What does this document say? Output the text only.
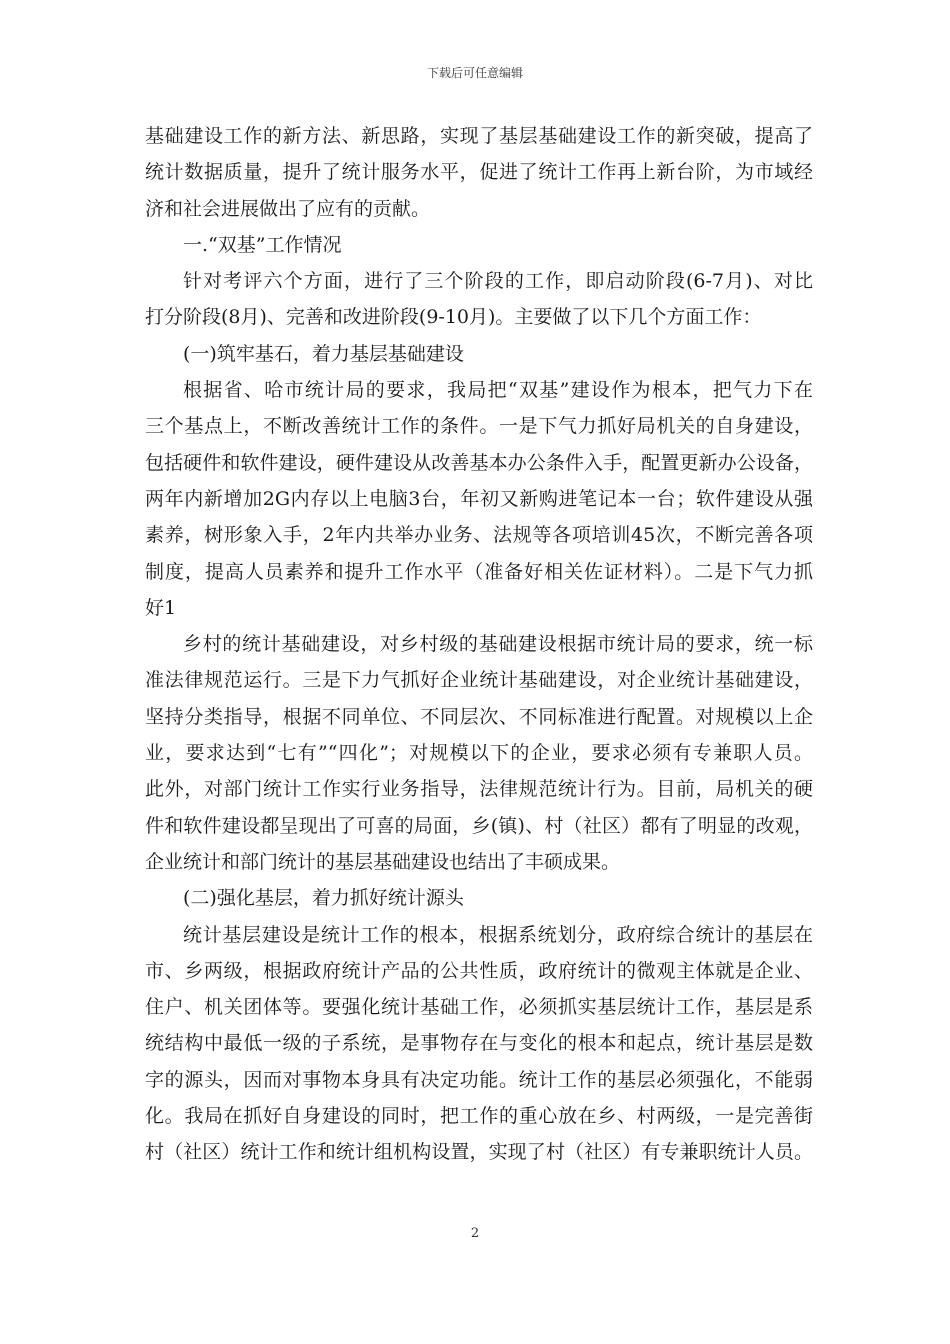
下载后可任意编辑
基础建设工作的新方法、新思路，实现了基层基础建设工作的新突破，提高了
统计数据质量，提升了统计服务水平，促进了统计工作再上新台阶，为市域经
济和社会进展做出了应有的贡献。
一.“双基”工作情况
针对考评六个方面，进行了三个阶段的工作，即启动阶段(6-7月)、对比
打分阶段(8月)、完善和改进阶段(9-10月)。主要做了以下几个方面工作：
(一)筑牢基石，着力基层基础建设
根据省、哈市统计局的要求，我局把“双基”建设作为根本，把气力下在
三个基点上，不断改善统计工作的条件。一是下气力抓好局机关的自身建设，
包括硬件和软件建设，硬件建设从改善基本办公条件入手，配置更新办公设备，
两年内新增加2G内存以上电脑3台，年初又新购进笔记本一台；软件建设从强
素养，树形象入手，2年内共举办业务、法规等各项培训45次，不断完善各项
制度，提高人员素养和提升工作水平（准备好相关佐证材料）。二是下气力抓
好1
乡村的统计基础建设，对乡村级的基础建设根据市统计局的要求，统一标
准法律规范运行。三是下力气抓好企业统计基础建设，对企业统计基础建设，
坚持分类指导，根据不同单位、不同层次、不同标准进行配置。对规模以上企
业，要求达到“七有”“四化”；对规模以下的企业，要求必须有专兼职人员。
此外，对部门统计工作实行业务指导，法律规范统计行为。目前，局机关的硬
件和软件建设都呈现出了可喜的局面，乡(镇)、村（社区）都有了明显的改观，
企业统计和部门统计的基层基础建设也结出了丰硕成果。
(二)强化基层，着力抓好统计源头
统计基层建设是统计工作的根本，根据系统划分，政府综合统计的基层在
市、乡两级，根据政府统计产品的公共性质，政府统计的微观主体就是企业、
住户、机关团体等。要强化统计基础工作，必须抓实基层统计工作，基层是系
统结构中最低一级的子系统，是事物存在与变化的根本和起点，统计基层是数
字的源头，因而对事物本身具有决定功能。统计工作的基层必须强化，不能弱
化。我局在抓好自身建设的同时，把工作的重心放在乡、村两级，一是完善街
村（社区）统计工作和统计组机构设置，实现了村（社区）有专兼职统计人员。
2
